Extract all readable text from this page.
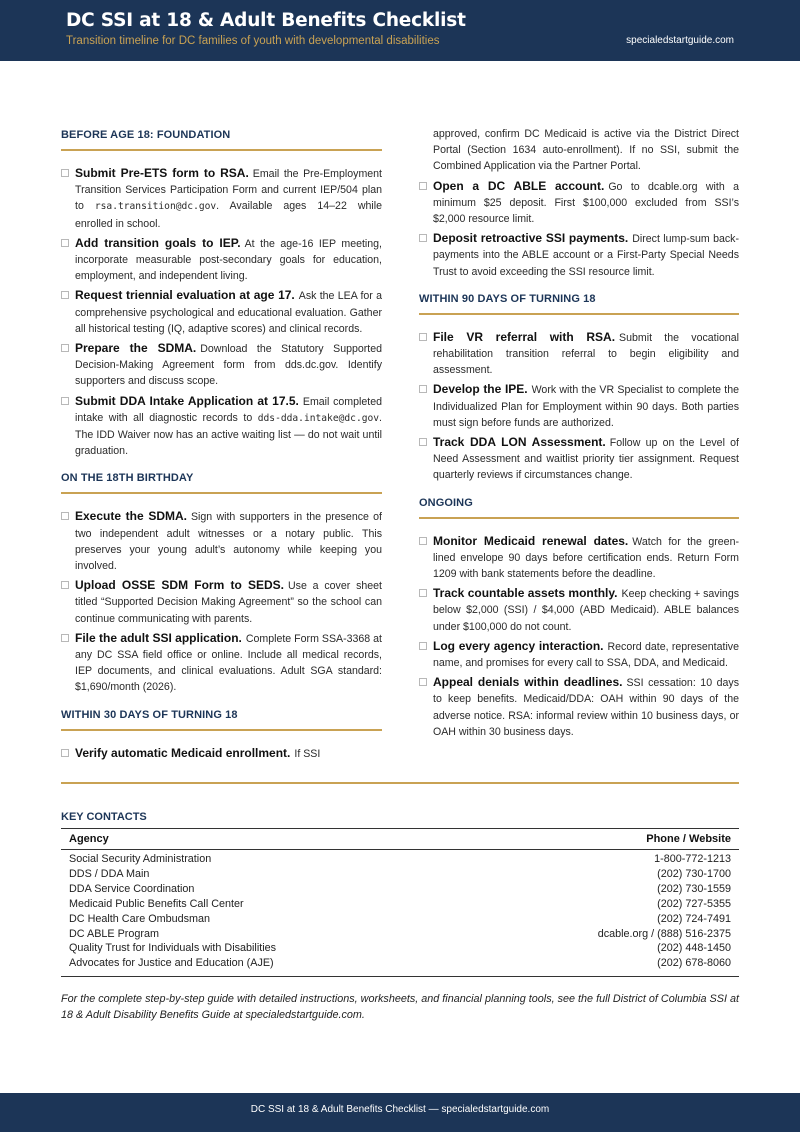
DC SSI at 18 & Adult Benefits Checklist
Transition timeline for DC families of youth with developmental disabilities	specialedstartguide.com
BEFORE AGE 18: FOUNDATION
Submit Pre-ETS form to RSA. Email the Pre-Employment Transition Services Participation Form and current IEP/504 plan to rsa.transition@dc.gov. Available ages 14–22 while enrolled in school.
Add transition goals to IEP. At the age-16 IEP meeting, incorporate measurable post-secondary goals for education, employment, and independent living.
Request triennial evaluation at age 17. Ask the LEA for a comprehensive psychological and educational evaluation. Gather all historical testing (IQ, adaptive scores) and clinical records.
Prepare the SDMA. Download the Statutory Supported Decision-Making Agreement form from dds.dc.gov. Identify supporters and discuss scope.
Submit DDA Intake Application at 17.5. Email completed intake with all diagnostic records to dds-dda.intake@dc.gov. The IDD Waiver now has an active waiting list — do not wait until graduation.
ON THE 18TH BIRTHDAY
Execute the SDMA. Sign with supporters in the presence of two independent adult witnesses or a notary public. This preserves your young adult’s autonomy while keeping you involved.
Upload OSSE SDM Form to SEDS. Use a cover sheet titled “Supported Decision Making Agreement” so the school can continue communicating with parents.
File the adult SSI application. Complete Form SSA-3368 at any DC SSA field office or online. Include all medical records, IEP documents, and clinical evaluations. Adult SGA standard: $1,690/month (2026).
WITHIN 30 DAYS OF TURNING 18
Verify automatic Medicaid enrollment. If SSI
approved, confirm DC Medicaid is active via the District Direct Portal (Section 1634 auto-enrollment). If no SSI, submit the Combined Application via the Partner Portal.
Open a DC ABLE account. Go to dcable.org with a minimum $25 deposit. First $100,000 excluded from SSI’s $2,000 resource limit.
Deposit retroactive SSI payments. Direct lump-sum back-payments into the ABLE account or a First-Party Special Needs Trust to avoid exceeding the SSI resource limit.
WITHIN 90 DAYS OF TURNING 18
File VR referral with RSA. Submit the vocational rehabilitation transition referral to begin eligibility and assessment.
Develop the IPE. Work with the VR Specialist to complete the Individualized Plan for Employment within 90 days. Both parties must sign before funds are authorized.
Track DDA LON Assessment. Follow up on the Level of Need Assessment and waitlist priority tier assignment. Request quarterly reviews if circumstances change.
ONGOING
Monitor Medicaid renewal dates. Watch for the green-lined envelope 90 days before certification ends. Return Form 1209 with bank statements before the deadline.
Track countable assets monthly. Keep checking + savings below $2,000 (SSI) / $4,000 (ABD Medicaid). ABLE balances under $100,000 do not count.
Log every agency interaction. Record date, representative name, and promises for every call to SSA, DDA, and Medicaid.
Appeal denials within deadlines. SSI cessation: 10 days to keep benefits. Medicaid/DDA: OAH within 90 days of the adverse notice. RSA: informal review within 10 business days, or OAH within 30 business days.
KEY CONTACTS
Agency	Phone / Website
Social Security Administration	1-800-772-1213
DDS / DDA Main	(202) 730-1700
DDA Service Coordination	(202) 730-1559
Medicaid Public Benefits Call Center	(202) 727-5355
DC Health Care Ombudsman	(202) 724-7491
DC ABLE Program	dcable.org / (888) 516-2375
Quality Trust for Individuals with Disabilities	(202) 448-1450
Advocates for Justice and Education (AJE)	(202) 678-8060
For the complete step-by-step guide with detailed instructions, worksheets, and financial planning tools, see the full District of Columbia SSI at 18 & Adult Disability Benefits Guide at specialedstartguide.com.
DC SSI at 18 & Adult Benefits Checklist — specialedstartguide.com
